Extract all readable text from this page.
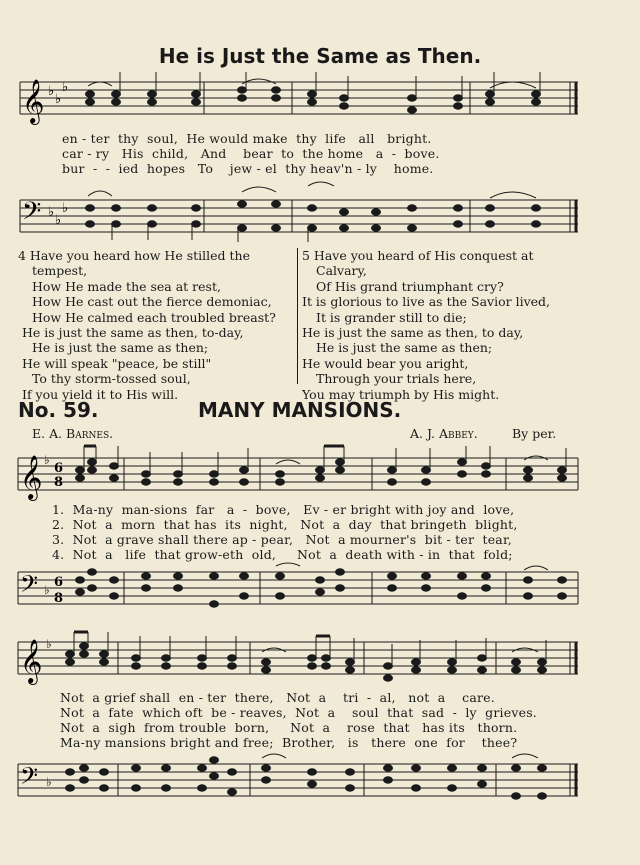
He is Just the Same as Then.
𝄞 ♭
♭
♭
en - ter  thy  soul,  He would make  thy  life   all   bright.
car - ry   His  child,   And    bear  to  the home   a  -  bove.
bur  -  -  ied  hopes   To    jew - el  thy heav'n - ly    home.
𝄢 ♭
♭
♭
4 Have you heard how He stilled the
tempest,
How He made the sea at rest,
How He cast out the fierce demoniac,
How He calmed each troubled breast?
He is just the same as then, to-day,
He is just the same as then;
He will speak "peace, be still"
To thy storm-tossed soul,
If you yield it to His will.
5 Have you heard of His conquest at
Calvary,
Of His grand triumphant cry?
It is glorious to live as the Savior lived,
It is grander still to die;
He is just the same as then, to day,
He is just the same as then;
He would bear you aright,
Through your trials here,
You may triumph by His might.
No. 59.	MANY MANSIONS.
E. A. Barnes.	A. J. Abbey.	By per.
𝄞 ♭
6
8
1.  Ma-ny  man-sions  far   a  -  bove,   Ev - er bright with joy and  love,
2.  Not  a  morn  that has  its  night,   Not  a  day  that bringeth  blight,
3.  Not  a grave shall there ap - pear,   Not  a mourner's  bit - ter  tear,
4.  Not  a   life  that grow-eth  old,     Not  a  death with - in  that  fold;
𝄢 ♭ 6
8
𝄞 ♭
Not  a grief shall  en - ter  there,   Not  a    tri  -  al,   not  a    care.
Not  a  fate  which oft  be - reaves,  Not  a    soul  that  sad  -  ly  grieves.
Not  a  sigh  from trouble  born,     Not  a    rose  that   has its   thorn.
Ma-ny mansions bright and free;  Brother,   is   there  one  for    thee?
𝄢 ♭
